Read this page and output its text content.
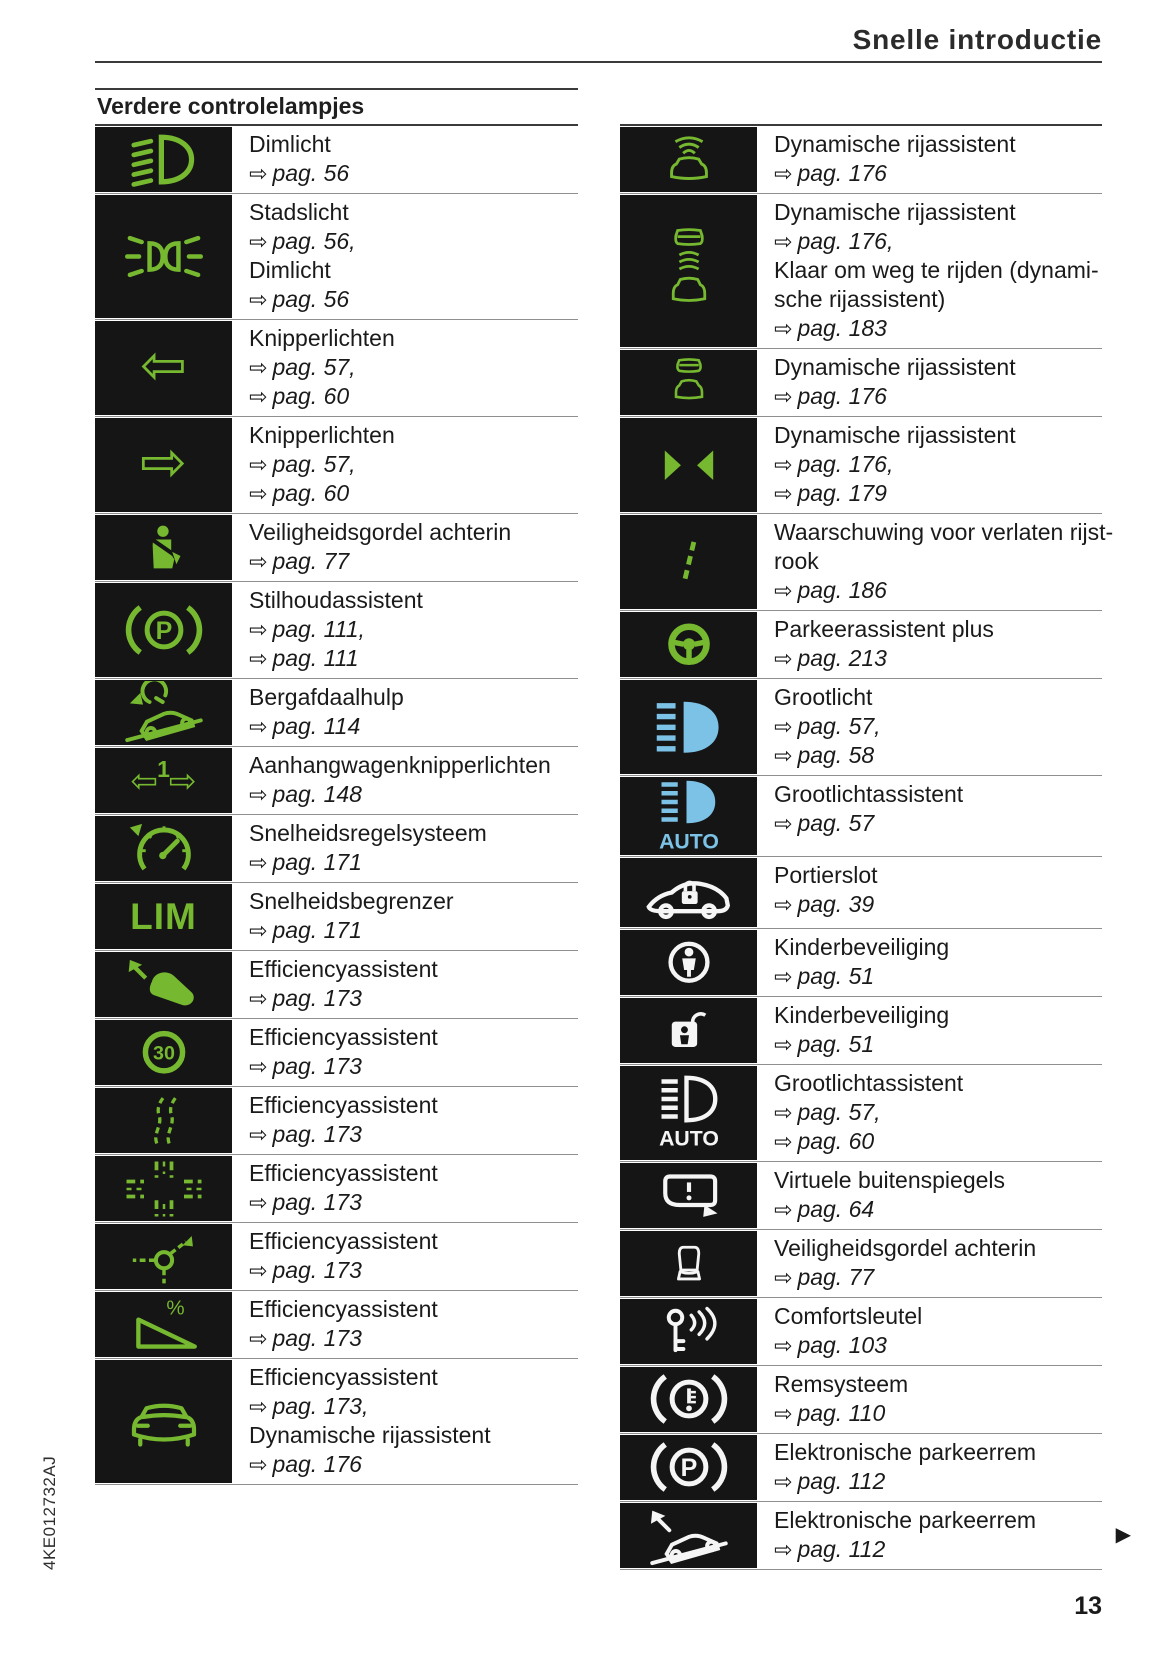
Snelle introductie
Verdere controlelampjes
Dimlicht
⇨ pag. 56
Stadslicht
⇨ pag. 56,
Dimlicht
⇨ pag. 56
⇦	Knipperlichten
⇨ pag. 57,
⇨ pag. 60
⇨	Knipperlichten
⇨ pag. 57,
⇨ pag. 60
Veiligheidsgordel achterin
⇨ pag. 77
P
Stilhoudassistent
⇨ pag. 111,
⇨ pag. 111
Bergafdaalhulp
⇨ pag. 114
⇦ 1 ⇨ Aanhangwagenknipperlichten
⇨ pag. 148
Snelheidsregelsysteem
⇨ pag. 171
LIM Snelheidsbegrenzer
⇨ pag. 171
Efficiencyassistent
⇨ pag. 173
30
Efficiencyassistent
⇨ pag. 173
Efficiencyassistent
⇨ pag. 173
Efficiencyassistent
⇨ pag. 173
Efficiencyassistent
⇨ pag. 173
%	Efficiencyassistent
⇨ pag. 173
Efficiencyassistent
⇨ pag. 173,
Dynamische rijassistent
⇨ pag. 176
Dynamische rijassistent
⇨ pag. 176
Dynamische rijassistent
⇨ pag. 176,
Klaar om weg te rijden (dynami-
sche rijassistent)
⇨ pag. 183
Dynamische rijassistent
⇨ pag. 176
Dynamische rijassistent
⇨ pag. 176,
⇨ pag. 179
Waarschuwing voor verlaten rijst-
rook
⇨ pag. 186
Parkeerassistent plus
⇨ pag. 213
Grootlicht
⇨ pag. 57,
⇨ pag. 58
AUTO
Grootlichtassistent
⇨ pag. 57
Portierslot
⇨ pag. 39
Kinderbeveiliging
⇨ pag. 51
Kinderbeveiliging
⇨ pag. 51
AUTO
Grootlichtassistent
⇨ pag. 57,
⇨ pag. 60
Virtuele buitenspiegels
⇨ pag. 64
Veiligheidsgordel achterin
⇨ pag. 77
Comfortsleutel
⇨ pag. 103
Remsysteem
⇨ pag. 110
P
Elektronische parkeerrem
⇨ pag. 112
Elektronische parkeerrem
⇨ pag. 112
4KE012732AJ	▶
13
